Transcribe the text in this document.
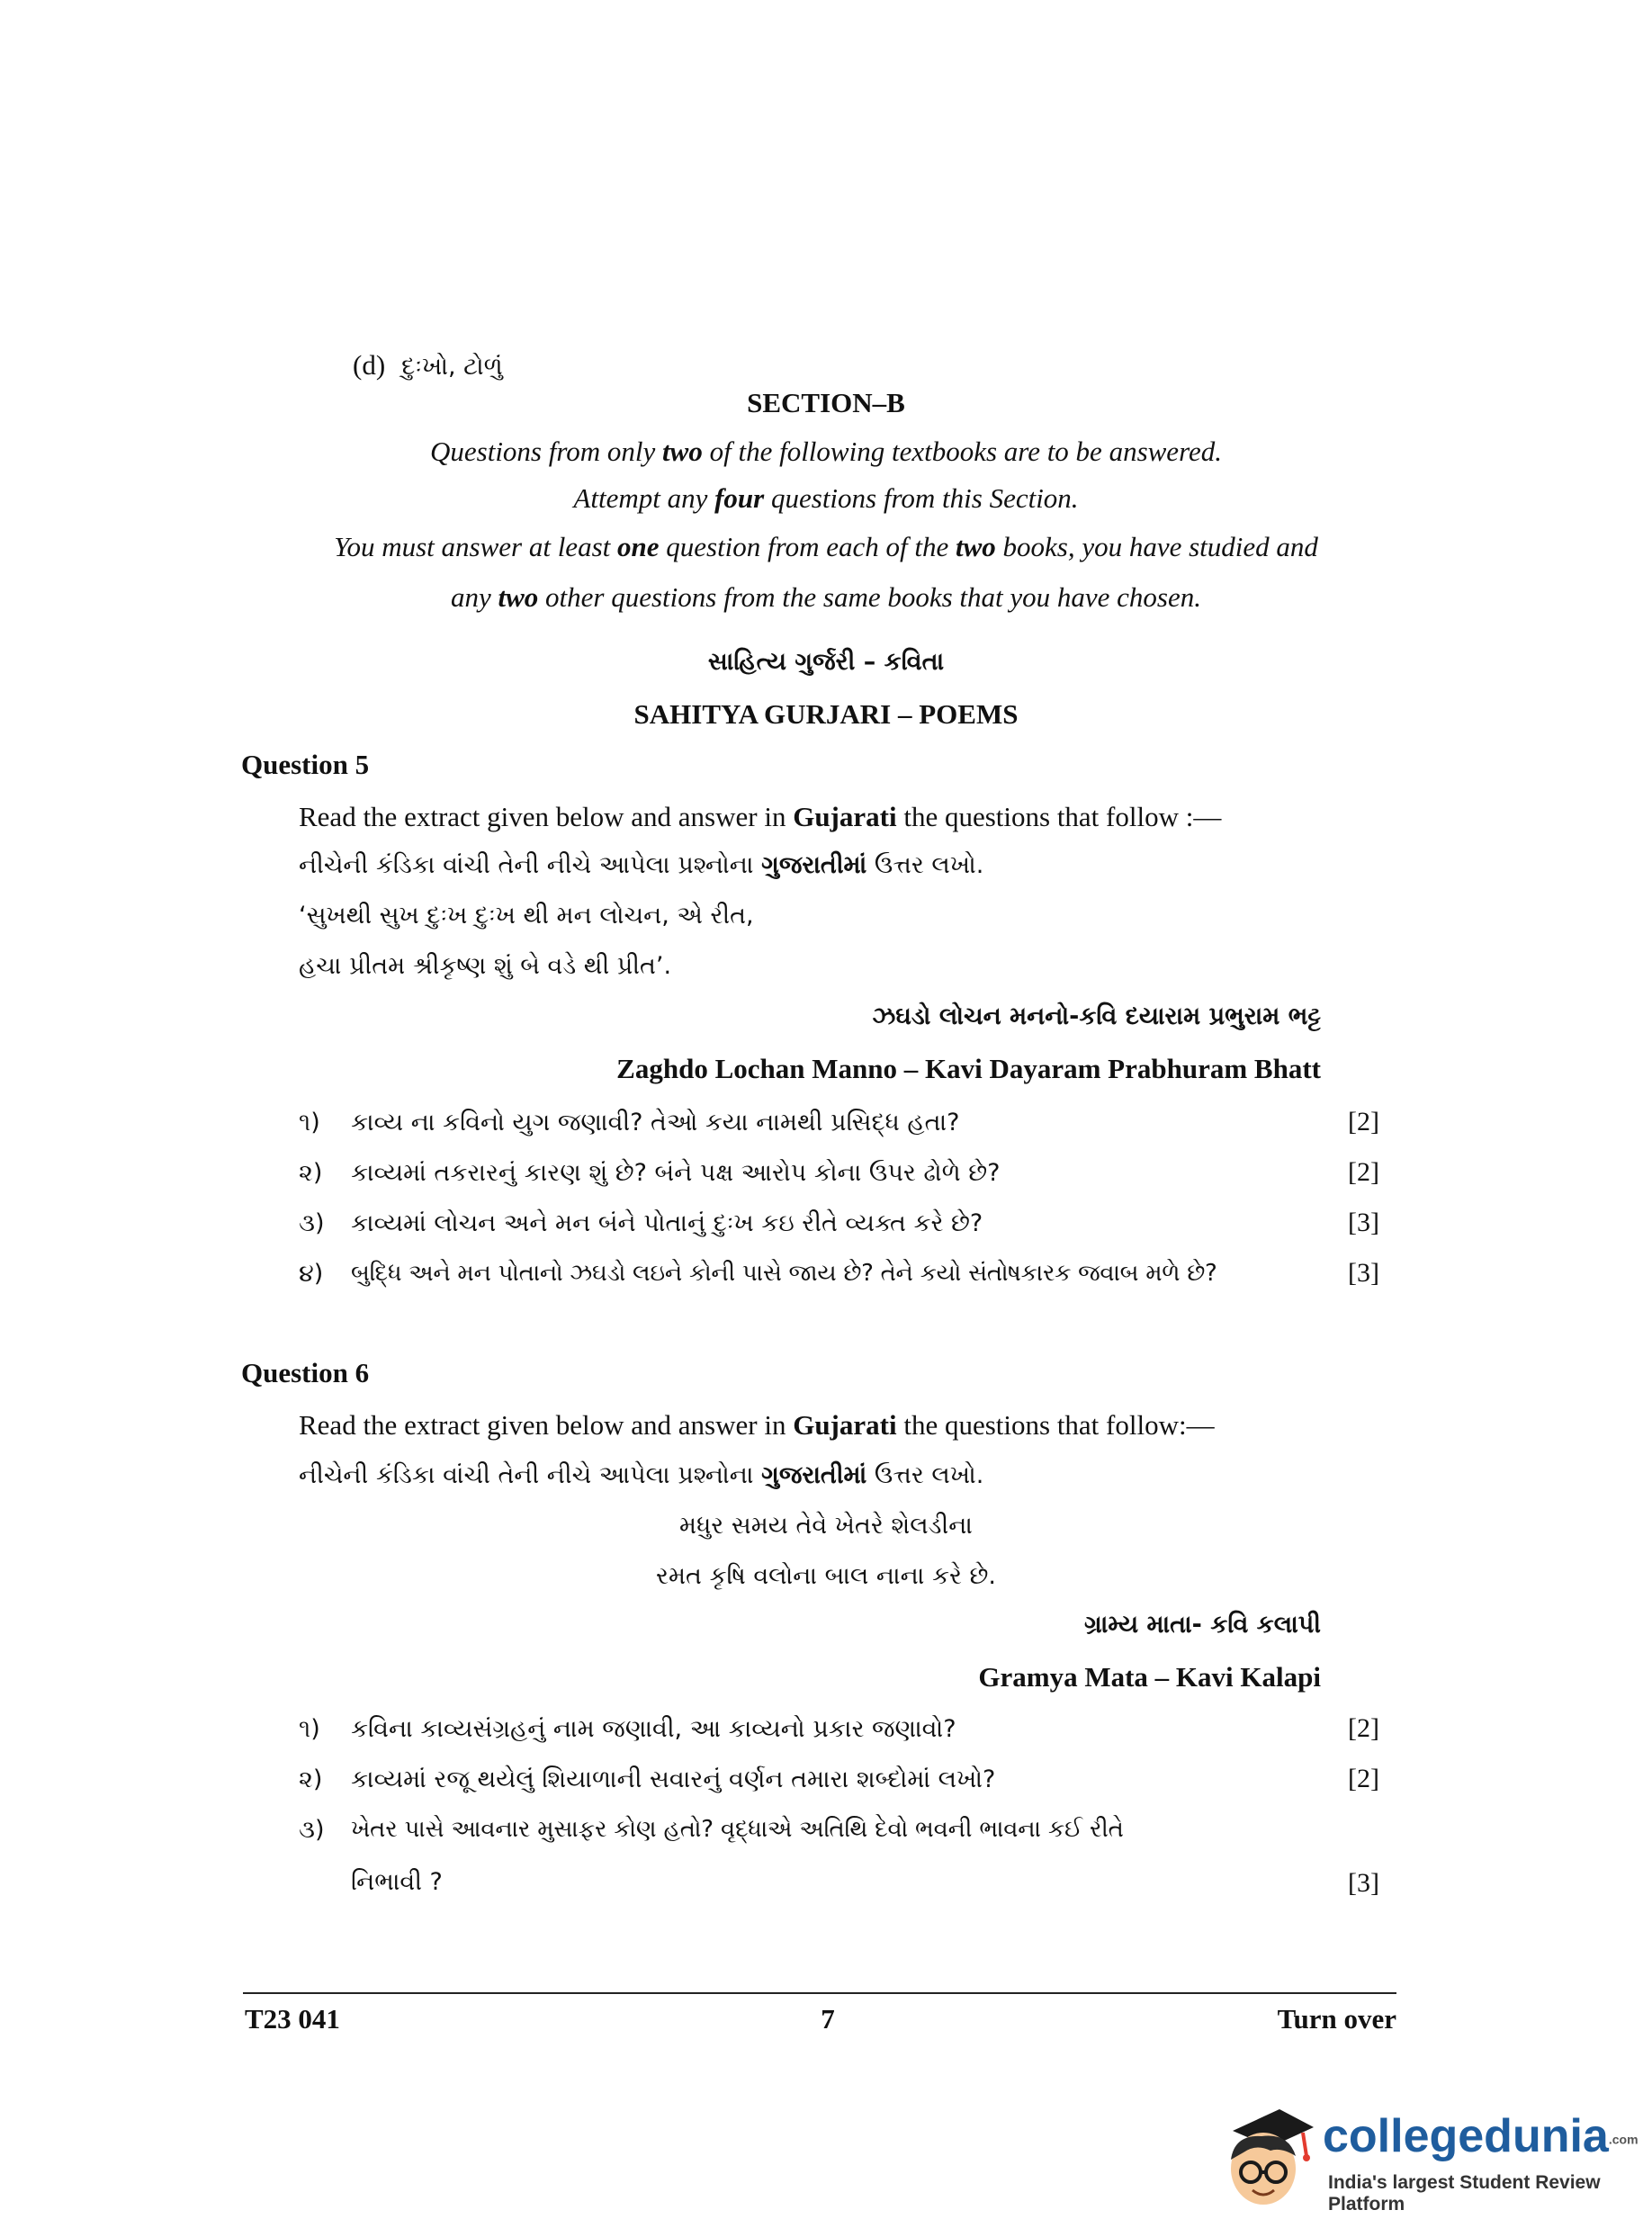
(d) દુઃખો, ટોળું
SECTION–B
Questions from only two of the following textbooks are to be answered.
Attempt any four questions from this Section.
You must answer at least one question from each of the two books, you have studied and
any two other questions from the same books that you have chosen.
સાહિત્ય ગુર્જરી – કવિતા
SAHITYA GURJARI – POEMS
Question 5
Read the extract given below and answer in Gujarati the questions that follow :—
નીચેની કંડિકા વાંચી તેની નીચે આપેલા પ્રશ્નોના ગુજરાતીમાં ઉત્તર લખો.
‘સુખથી સુખ દુઃખ દુઃખ થી મન લોચન, એ રીત,
હચા પ્રીતમ શ્રીકૃષ્ણ શું બે વડે થી પ્રીત’.
ઝઘડો લોચન મનનો-કવિ દયારામ પ્રભુરામ ભટ્ટ
Zaghdo Lochan Manno – Kavi Dayaram Prabhuram Bhatt
૧) કાવ્ય ના કવિનો યુગ જણાવી? તેઓ કયા નામથી પ્રસિદ્ધ હતા?	[2]
૨) કાવ્યમાં તકરારનું કારણ શું છે? બંને પક્ષ આરોપ કોના ઉપર ઢોળે છે?	[2]
૩) કાવ્યમાં લોચન અને મન બંને પોતાનું દુઃખ કઇ રીતે વ્યક્ત કરે છે?	[3]
૪) બુદ્ધિ અને મન પોતાનો ઝઘડો લઇને કોની પાસે જાય છે? તેને કયો સંતોષકારક જવાબ મળે છે?	[3]
Question 6
Read the extract given below and answer in Gujarati the questions that follow:—
નીચેની કંડિકા વાંચી તેની નીચે આપેલા પ્રશ્નોના ગુજરાતીમાં ઉત્તર લખો.
મધુર સમય તેવે ખેતરે શેલડીના
રમત કૃષિ વલોના બાલ નાના કરે છે.
ગ્રામ્ય માતા- કવિ કલાપી
Gramya Mata – Kavi Kalapi
૧) કવિના કાવ્યસંગ્રહનું નામ જણાવી, આ કાવ્યનો પ્રકાર જણાવો?	[2]
૨) કાવ્યમાં રજૂ થયેલું શિયાળાની સવારનું વર્ણન તમારા શબ્દોમાં લખો?	[2]
૩) ખેતર પાસે આવનાર મુસાફર કોણ હતો? વૃદ્ધાએ અતિથિ દેવો ભવની ભાવના કઈ રીતે
નિભાવી ?	[3]
T23 041	7	Turn over
collegedunia.com
India's largest Student Review Platform
